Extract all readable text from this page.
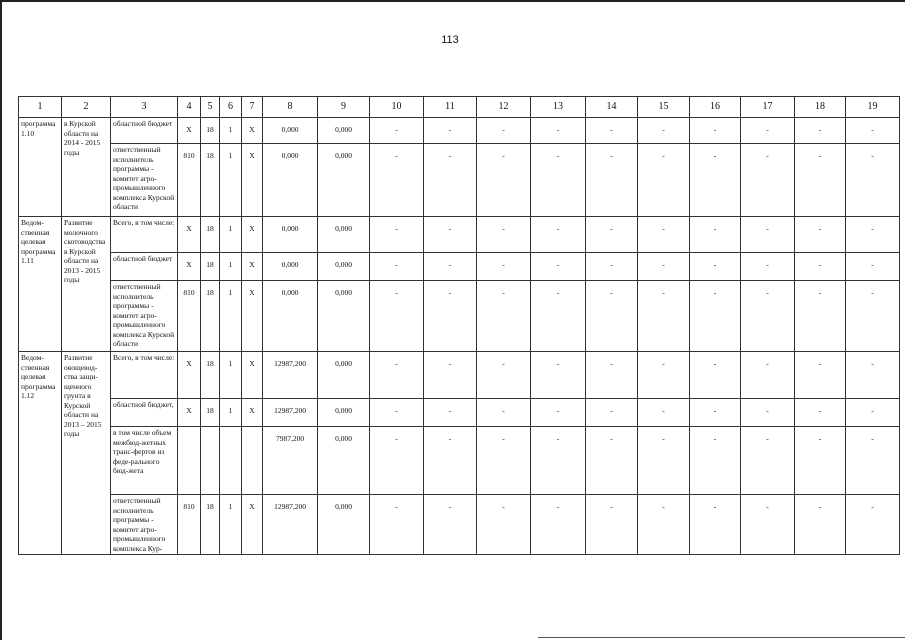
113
1	2	3	4	5	6	7	8	9	10	11	12	13	14	15	16	17	18	19
программа 1.10	в Курской области на 2014 - 2015 годы	областной бюджет	X	18	1	X	0,000	0,000	-	-	-	-	-	-	-	-	-	-
		ответственный исполнитель программы - комитет агро-промышленного комплекса Курской области	810	18	1	X	0,000	0,000	-	-	-	-	-	-	-	-	-	-
Ведом-ственная целевая программа 1.11	Развитие молочного скотоводства в Курской области на 2013 - 2015 годы	Всего, в том числе:	X	18	1	X	0,000	0,000	-	-	-	-	-	-	-	-	-	-
		областной бюджет	X	18	1	X	0,000	0,000	-	-	-	-	-	-	-	-	-	-
		ответственный исполнитель программы - комитет агро-промышленного комплекса Курской области	810	18	1	X	0,000	0,000	-	-	-	-	-	-	-	-	-	-
Ведом-ственная целевая программа 1.12	Развитие овощевод-ства защи-щенного грунта в Курской области на 2013 – 2015 годы	Всего, в том числе:	X	18	1	X	12987,200	0,000	-	-	-	-	-	-	-	-	-	-
		областной бюджет,	X	18	1	X	12987,200	0,000	-	-	-	-	-	-	-	-	-	-
		в том числе объем межбюд-жетных транс-фертов из феде-рального бюд-жета					7987,200	0,000	-	-	-	-	-	-	-	-	-	-
		ответственный исполнитель программы - комитет агро-промышленного комплекса Кур-	810	18	1	X	12987,200	0,000	-	-	-	-	-	-	-	-	-	-
